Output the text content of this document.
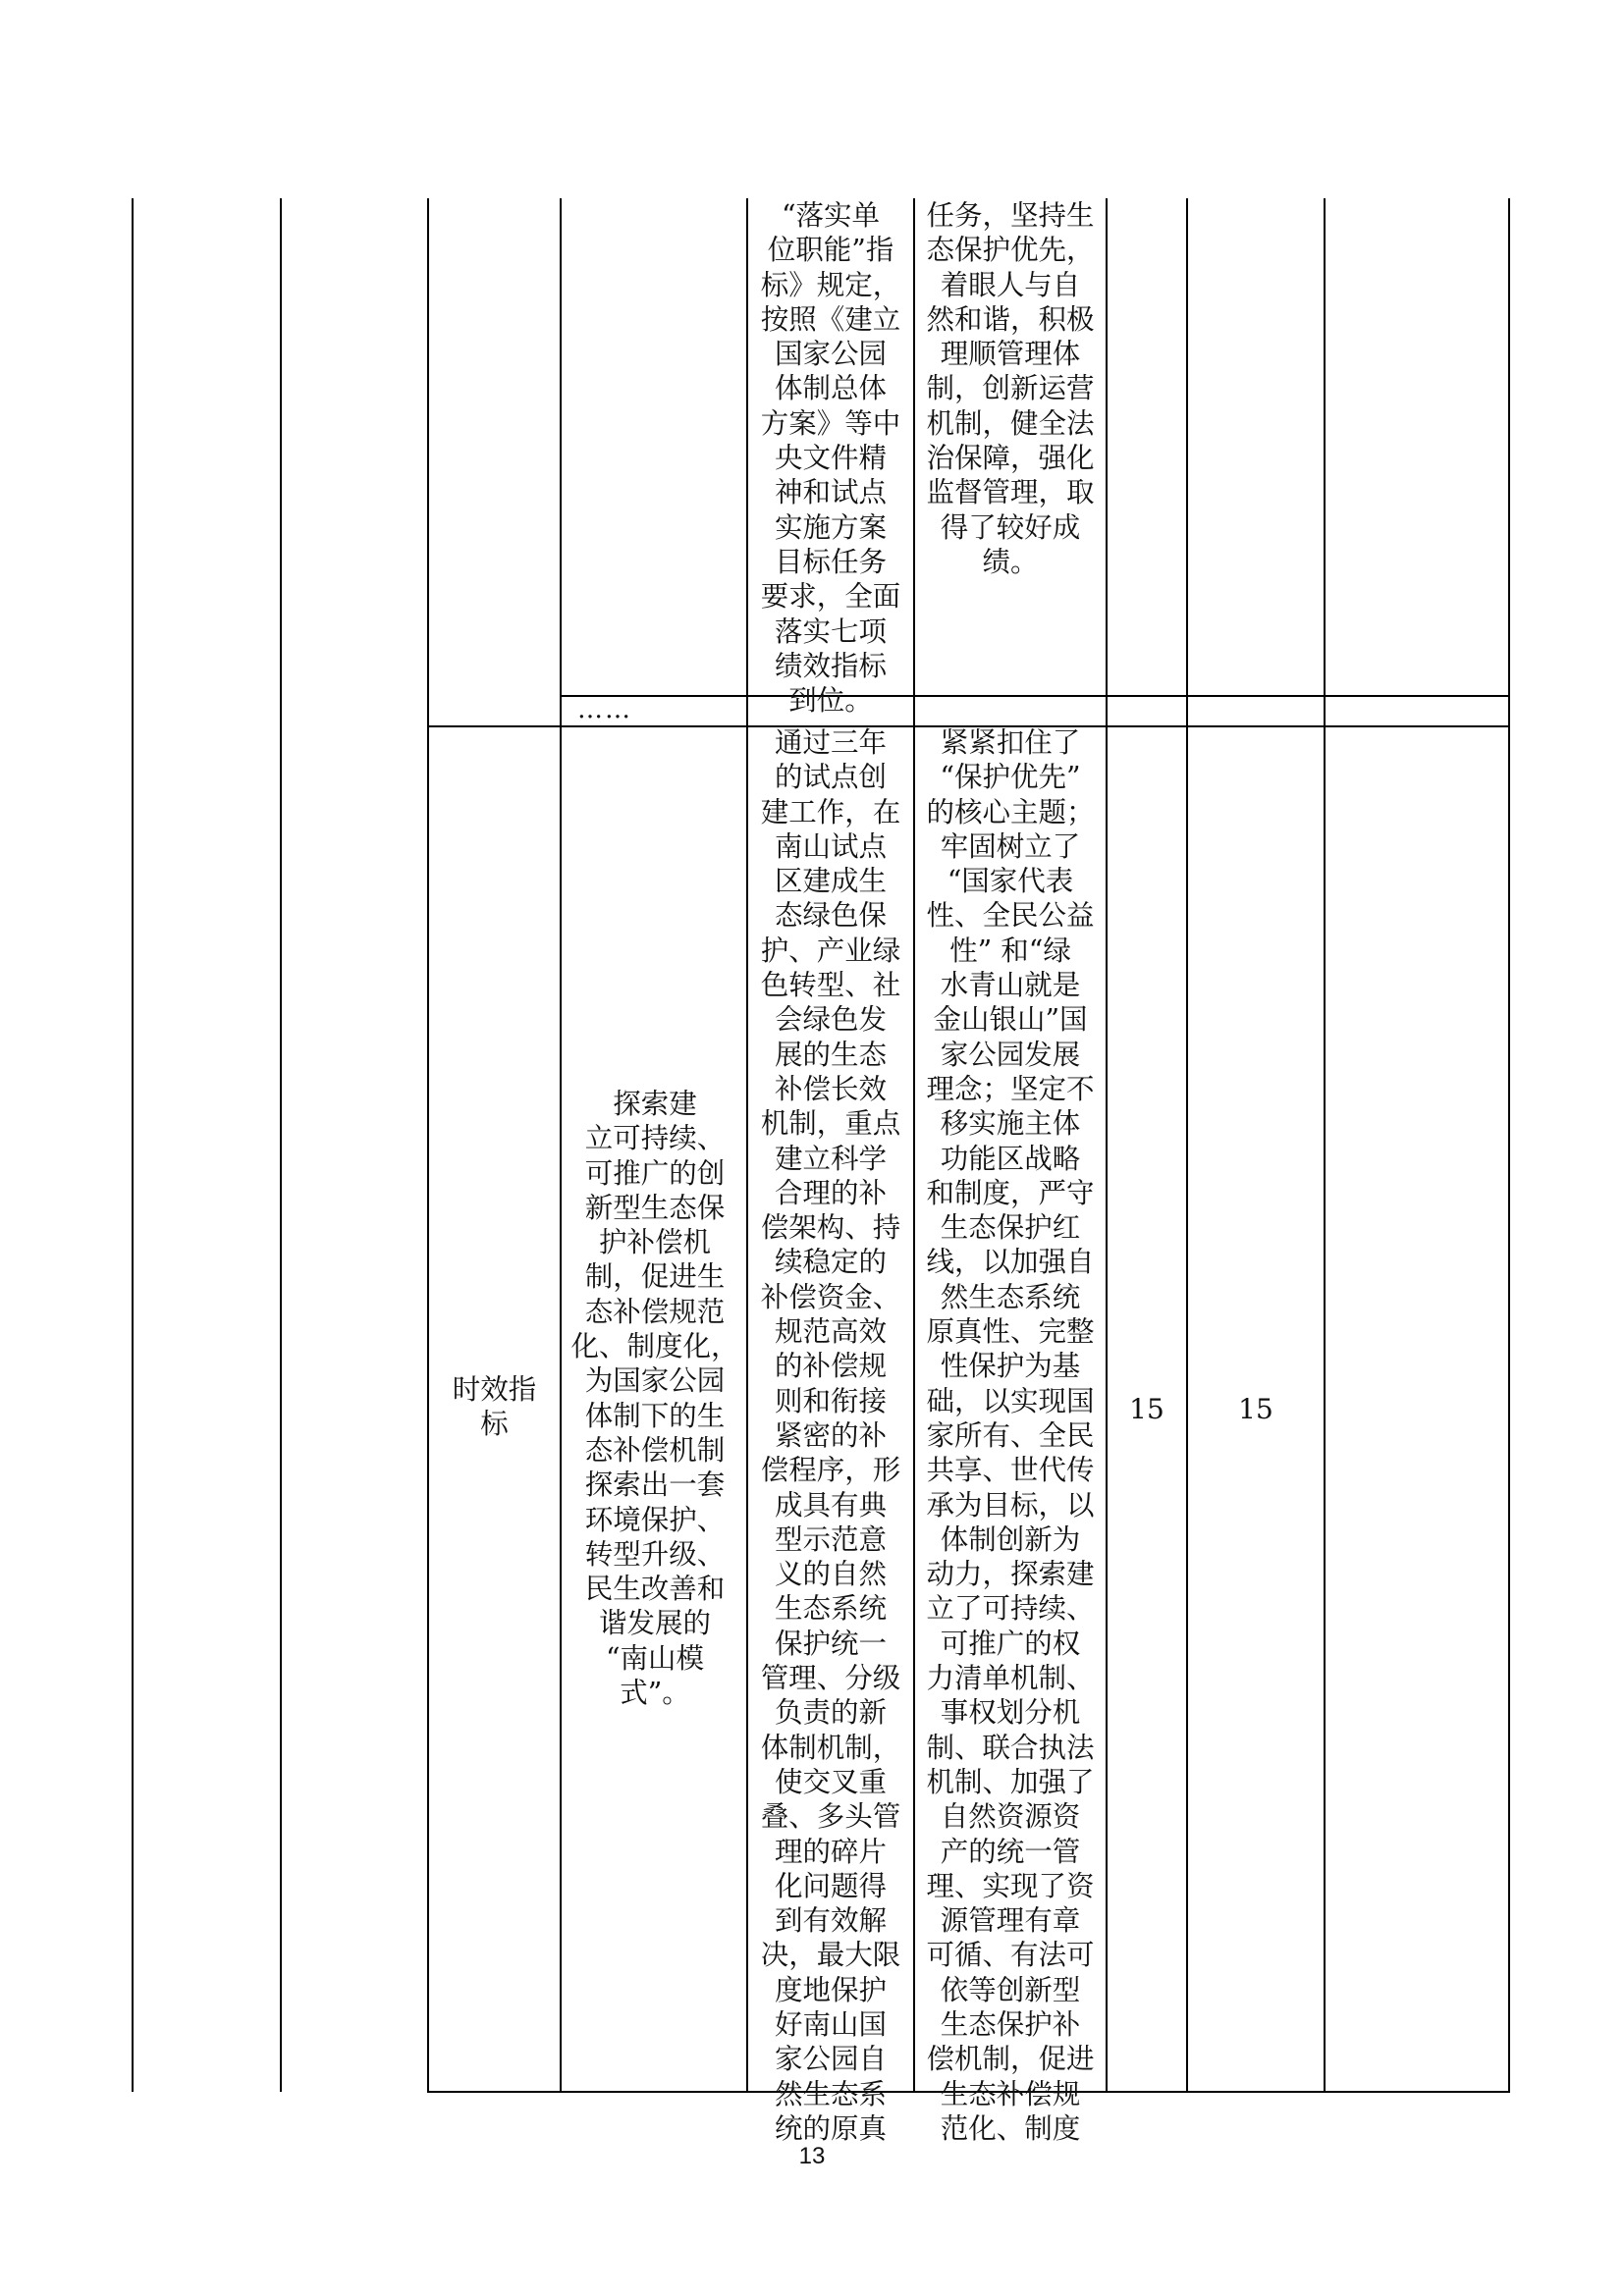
“落实单
位职能”指
标》规定，
按照《建立
国家公园
体制总体
方案》等中
央文件精
神和试点
实施方案
目标任务
要求，全面
落实七项
绩效指标
到位。
任务，坚持生
态保护优先，
着眼人与自
然和谐，积极
理顺管理体
制，创新运营
机制，健全法
治保障，强化
监督管理，取
得了较好成
绩。
……
时效指
标
探索建
立可持续、
可推广的创
新型生态保
护补偿机
制，促进生
态补偿规范
化、制度化，
为国家公园
体制下的生
态补偿机制
探索出一套
环境保护、
转型升级、
民生改善和
谐发展的
“南山模
式”。
通过三年
的试点创
建工作，在
南山试点
区建成生
态绿色保
护、产业绿
色转型、社
会绿色发
展的生态
补偿长效
机制，重点
建立科学
合理的补
偿架构、持
续稳定的
补偿资金、
规范高效
的补偿规
则和衔接
紧密的补
偿程序，形
成具有典
型示范意
义的自然
生态系统
保护统一
管理、分级
负责的新
体制机制，
使交叉重
叠、多头管
理的碎片
化问题得
到有效解
决，最大限
度地保护
好南山国
家公园自
然生态系
统的原真
紧紧扣住了
“保护优先”
的核心主题；
牢固树立了
“国家代表
性、全民公益
性” 和“绿
水青山就是
金山银山”国
家公园发展
理念；坚定不
移实施主体
功能区战略
和制度，严守
生态保护红
线，以加强自
然生态系统
原真性、完整
性保护为基
础，以实现国
家所有、全民
共享、世代传
承为目标，以
体制创新为
动力，探索建
立了可持续、
可推广的权
力清单机制、
事权划分机
制、联合执法
机制、加强了
自然资源资
产的统一管
理、实现了资
源管理有章
可循、有法可
依等创新型
生态保护补
偿机制，促进
生态补偿规
范化、制度
15	15
13
